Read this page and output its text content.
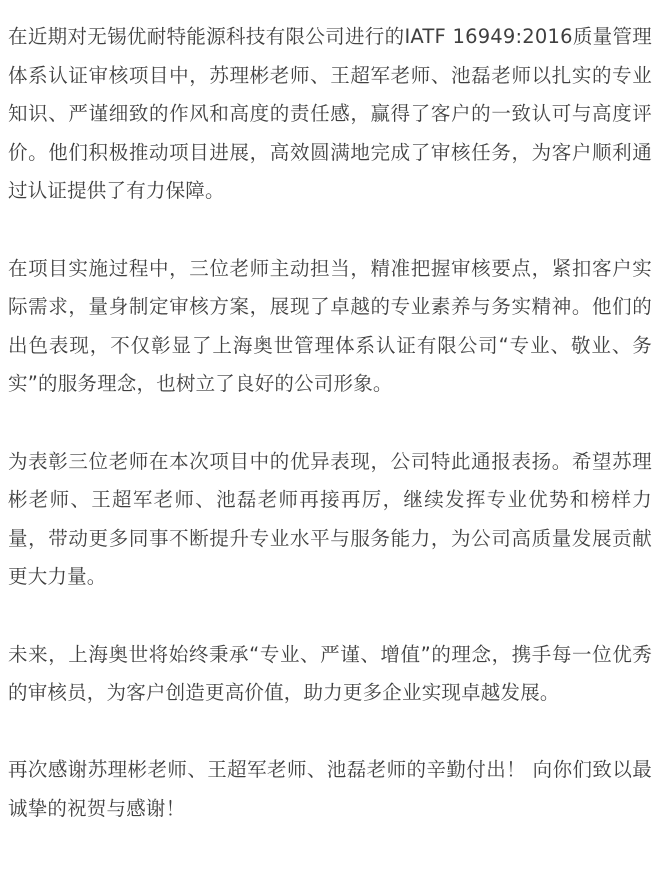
在近期对无锡优耐特能源科技有限公司进行的IATF 16949:2016质量管理体系认证审核项目中，苏理彬老师、王超军老师、池磊老师以扎实的专业知识、严谨细致的作风和高度的责任感，赢得了客户的一致认可与高度评价。他们积极推动项目进展，高效圆满地完成了审核任务，为客户顺利通过认证提供了有力保障。

在项目实施过程中，三位老师主动担当，精准把握审核要点，紧扣客户实际需求，量身制定审核方案，展现了卓越的专业素养与务实精神。他们的出色表现，不仅彰显了上海奥世管理体系认证有限公司“专业、敬业、务实”的服务理念，也树立了良好的公司形象。

为表彰三位老师在本次项目中的优异表现，公司特此通报表扬。希望苏理彬老师、王超军老师、池磊老师再接再厉，继续发挥专业优势和榜样力量，带动更多同事不断提升专业水平与服务能力，为公司高质量发展贡献更大力量。

未来，上海奥世将始终秉承“专业、严谨、增值”的理念，携手每一位优秀的审核员，为客户创造更高价值，助力更多企业实现卓越发展。

再次感谢苏理彬老师、王超军老师、池磊老师的辛勤付出！ 向你们致以最诚挚的祝贺与感谢！
